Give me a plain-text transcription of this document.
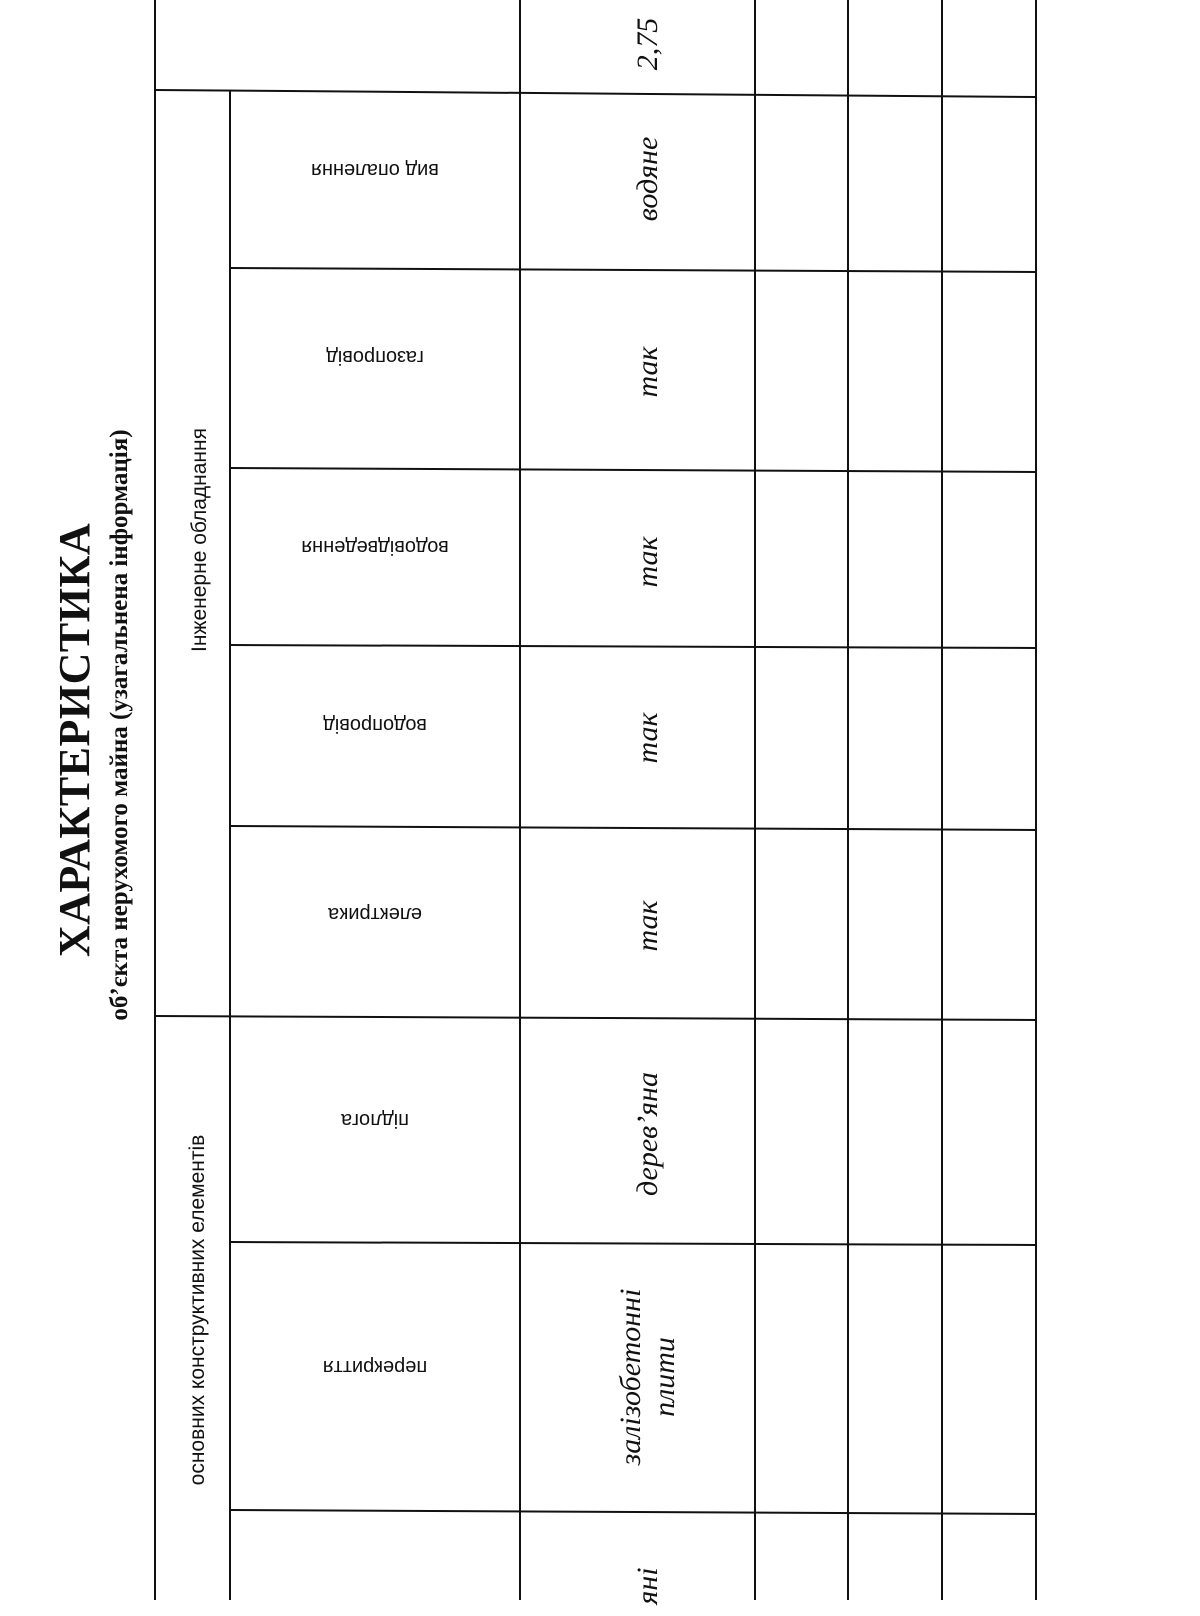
ХАРАКТЕРИСТИКА об’єкта нерухомого майна (узагальнена інформація)	Інженерне обладнання
основних конструктивних елементів
вид опалення
газопровід
водовідведення
водопровід
електрика
підлога
перекриття
2,75
водяне
так
так
так
так
дерев’яна
залізобетонні плити
яні
